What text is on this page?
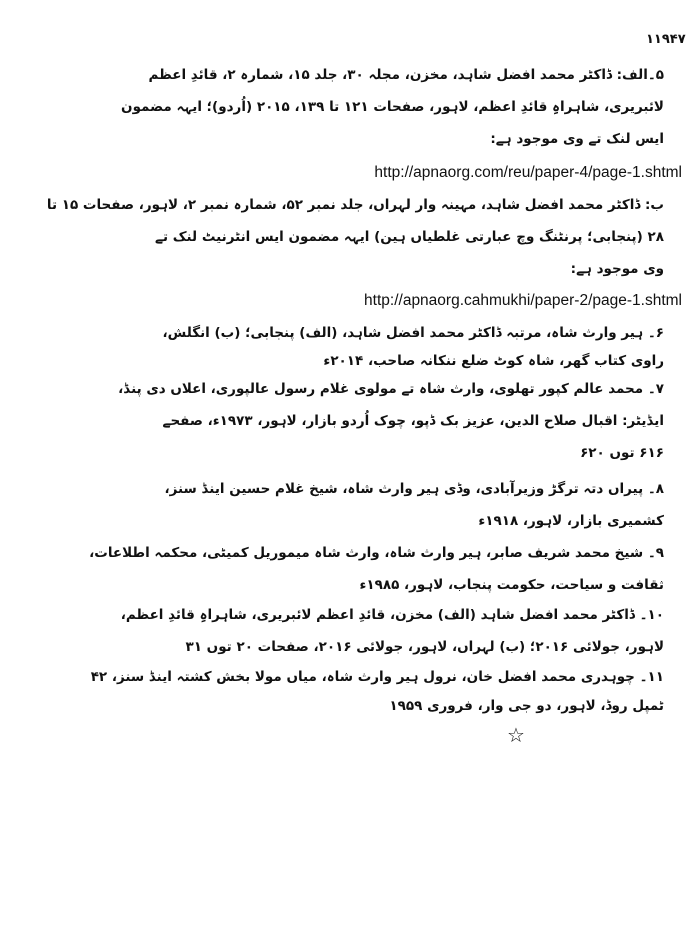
۱۱۹۴۷
۵۔الف: ڈاکٹر محمد افضل شاہد، مخزن، مجلہ ۳۰، جلد ۱۵، شمارہ ۲، قائدِ اعظم
لائبریری، شاہراہِ قائدِ اعظم، لاہور، صفحات ۱۲۱ تا ۱۳۹، ۲۰۱۵ (اُردو)؛ ایہہ مضمون
ایس لنک تے وی موجود ہے:
http://apnaorg.com/reu/paper-4/page-1.shtml
ب: ڈاکٹر محمد افضل شاہد، مہینہ وار لہراں، جلد نمبر ۵۲، شمارہ نمبر ۲، لاہور، صفحات ۱۵ تا
۲۸ (پنجابی؛ پرنٹنگ وچ عبارتی غلطیاں ہین) ایہہ مضمون ایس انٹرنیٹ لنک تے
وی موجود ہے:
http://apnaorg.cahmukhi/paper-2/page-1.shtml
۶۔ ہیر وارث شاہ، مرتبہ ڈاکٹر محمد افضل شاہد، (الف) پنجابی؛ (ب) انگلش،
راوی کتاب گھر، شاہ کوٹ ضلع ننکانہ صاحب، ۲۰۱۴ء
۷۔ محمد عالم کپور تھلوی، وارث شاہ تے مولوی غلام رسول عالپوری، اعلاں دی پنڈ،
ایڈیٹر: اقبال صلاح الدین، عزیز بک ڈپو، چوک اُردو بازار، لاہور، ۱۹۷۳ء، صفحے
۶۱۶ توں ۶۲۰
۸۔ پیراں دتہ ترگڑ وزیرآبادی، وڈی ہیر وارث شاہ، شیخ غلام حسین اینڈ سنز،
کشمیری بازار، لاہور، ۱۹۱۸ء
۹۔ شیخ محمد شریف صابر، ہیر وارث شاہ، وارث شاہ میموریل کمیٹی، محکمہ اطلاعات،
ثقافت و سیاحت، حکومت پنجاب، لاہور، ۱۹۸۵ء
۱۰۔ ڈاکٹر محمد افضل شاہد (الف) مخزن، قائدِ اعظم لائبریری، شاہراہِ قائدِ اعظم،
لاہور، جولائی ۲۰۱۶؛ (ب) لہراں، لاہور، جولائی ۲۰۱۶، صفحات ۲۰ توں ۳۱
۱۱۔ چوہدری محمد افضل خان، نرول ہیر وارث شاہ، میاں مولا بخش کشتہ اینڈ سنز، ۴۲
ٹمپل روڈ، لاہور، دو جی وار، فروری ۱۹۵۹
☆
